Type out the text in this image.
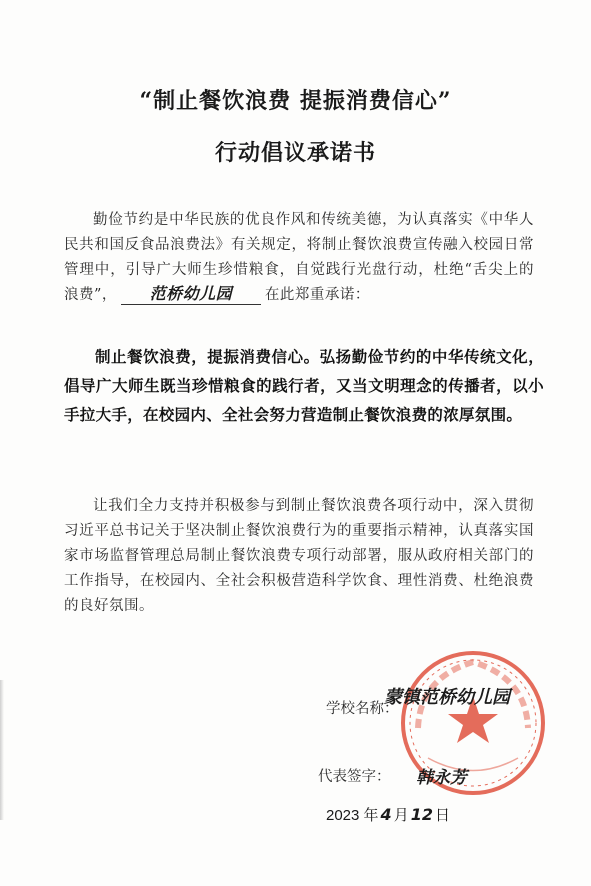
“制止餐饮浪费 提振消费信心”
行动倡议承诺书

勤俭节约是中华民族的优良作风和传统美德，为认真落实《中华人民共和国反食品浪费法》有关规定，将制止餐饮浪费宣传融入校园日常管理中，引导广大师生珍惜粮食，自觉践行光盘行动，杜绝“舌尖上的浪费”， 范桥幼儿园 在此郑重承诺：

制止餐饮浪费，提振消费信心。弘扬勤俭节约的中华传统文化，倡导广大师生既当珍惜粮食的践行者，又当文明理念的传播者，以小手拉大手，在校园内、全社会努力营造制止餐饮浪费的浓厚氛围。

让我们全力支持并积极参与到制止餐饮浪费各项行动中，深入贯彻习近平总书记关于坚决制止餐饮浪费行为的重要指示精神，认真落实国家市场监督管理总局制止餐饮浪费专项行动部署，服从政府相关部门的工作指导，在校园内、全社会积极营造科学饮食、理性消费、杜绝浪费的良好氛围。

学校名称：
蒙镇范桥幼儿园
代表签字： 韩永芳
2023 年 4 月 12 日
